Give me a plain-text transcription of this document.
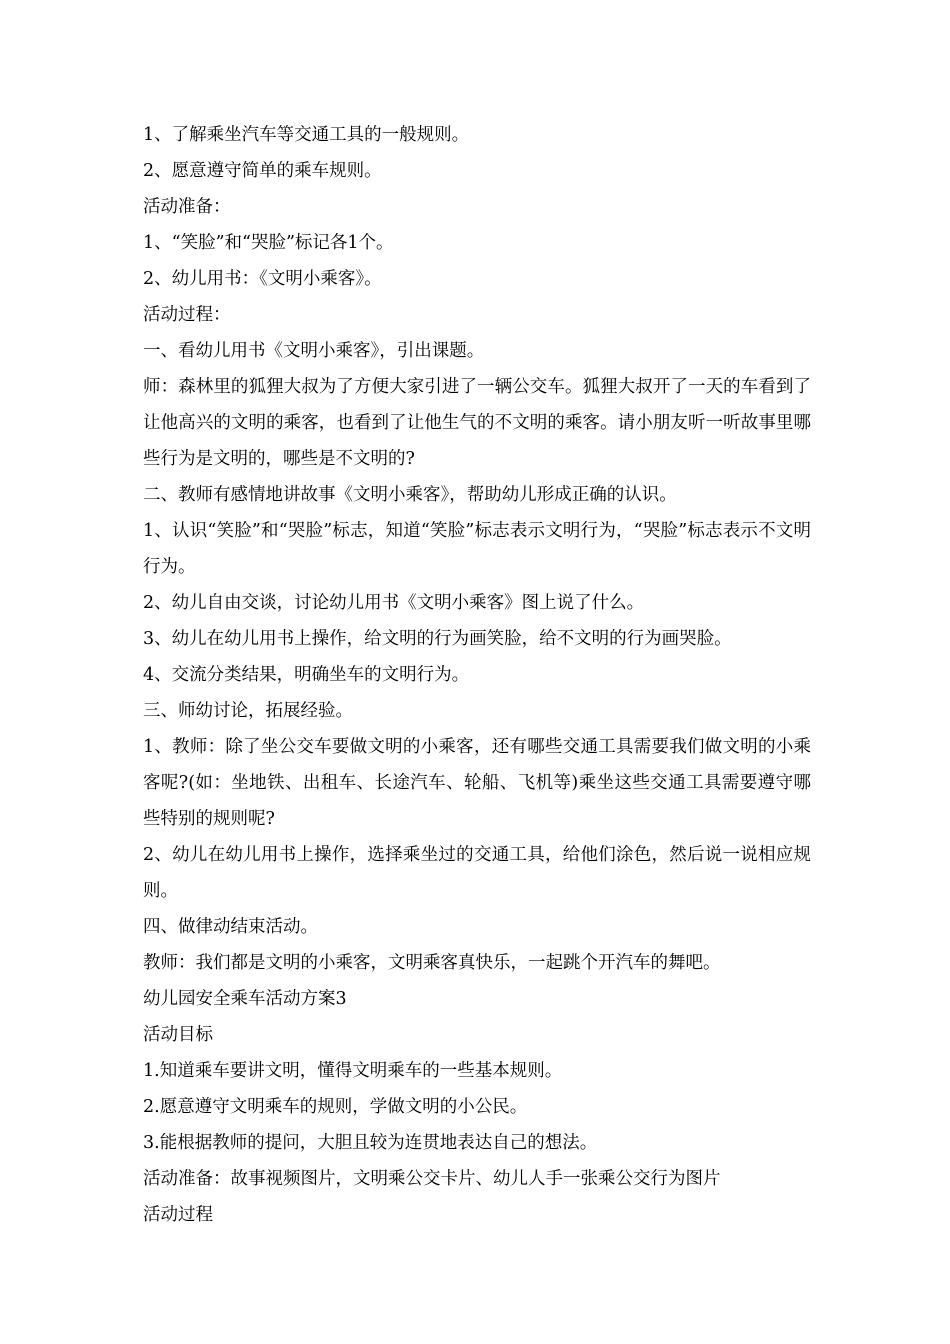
1、了解乘坐汽车等交通工具的一般规则。

2、愿意遵守简单的乘车规则。

活动准备：

1、“笑脸”和“哭脸”标记各1个。

2、幼儿用书：《文明小乘客》。

活动过程：

一、看幼儿用书《文明小乘客》，引出课题。

师：森林里的狐狸大叔为了方便大家引进了一辆公交车。狐狸大叔开了一天的车看到了让他高兴的文明的乘客，也看到了让他生气的不文明的乘客。请小朋友听一听故事里哪些行为是文明的，哪些是不文明的?

二、教师有感情地讲故事《文明小乘客》，帮助幼儿形成正确的认识。

1、认识“笑脸”和“哭脸”标志，知道“笑脸”标志表示文明行为，“哭脸”标志表示不文明行为。

2、幼儿自由交谈，讨论幼儿用书《文明小乘客》图上说了什么。

3、幼儿在幼儿用书上操作，给文明的行为画笑脸，给不文明的行为画哭脸。

4、交流分类结果，明确坐车的文明行为。

三、师幼讨论，拓展经验。

1、教师：除了坐公交车要做文明的小乘客，还有哪些交通工具需要我们做文明的小乘客呢?(如：坐地铁、出租车、长途汽车、轮船、飞机等)乘坐这些交通工具需要遵守哪些特别的规则呢?

2、幼儿在幼儿用书上操作，选择乘坐过的交通工具，给他们涂色，然后说一说相应规则。

四、做律动结束活动。

教师：我们都是文明的小乘客，文明乘客真快乐，一起跳个开汽车的舞吧。

幼儿园安全乘车活动方案3

活动目标

1.知道乘车要讲文明，懂得文明乘车的一些基本规则。

2.愿意遵守文明乘车的规则，学做文明的小公民。

3.能根据教师的提问，大胆且较为连贯地表达自己的想法。

活动准备：故事视频图片，文明乘公交卡片、幼儿人手一张乘公交行为图片

活动过程
